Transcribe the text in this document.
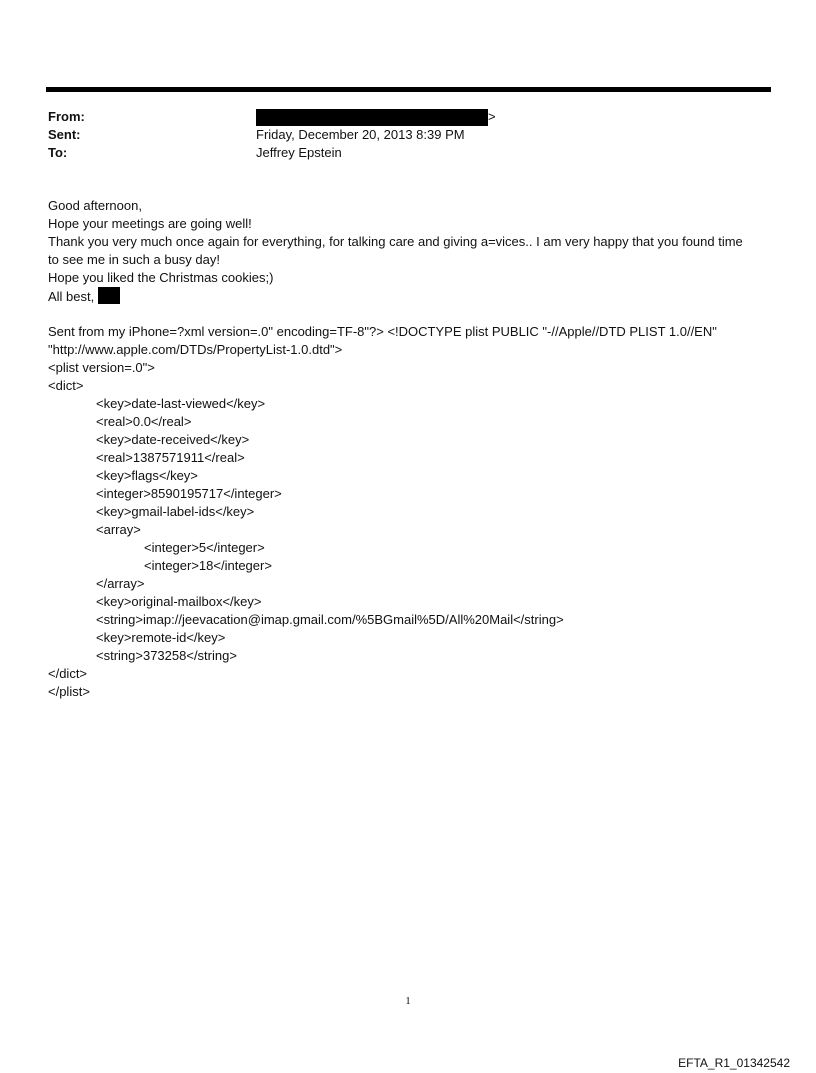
From:	>
Sent:	Friday, December 20, 2013 8:39 PM
To:	Jeffrey Epstein
Good afternoon,
Hope your meetings are going well!
Thank you very much once again for everything, for talking care and giving a=vices.. I am very happy that you found time
to see me in such a busy day!
Hope you liked the Christmas cookies;)
All best,
Sent from my iPhone=?xml version=.0" encoding=TF-8"?> <!DOCTYPE plist PUBLIC "-//Apple//DTD PLIST 1.0//EN"
"http://www.apple.com/DTDs/PropertyList-1.0.dtd">
<plist version=.0">
<dict>
<key>date-last-viewed</key>
<real>0.0</real>
<key>date-received</key>
<real>1387571911</real>
<key>flags</key>
<integer>8590195717</integer>
<key>gmail-label-ids</key>
<array>
<integer>5</integer>
<integer>18</integer>
</array>
<key>original-mailbox</key>
<string>imap://jeevacation@imap.gmail.com/%5BGmail%5D/All%20Mail</string>
<key>remote-id</key>
<string>373258</string>
</dict>
</plist>
1
EFTA_R1_01342542
